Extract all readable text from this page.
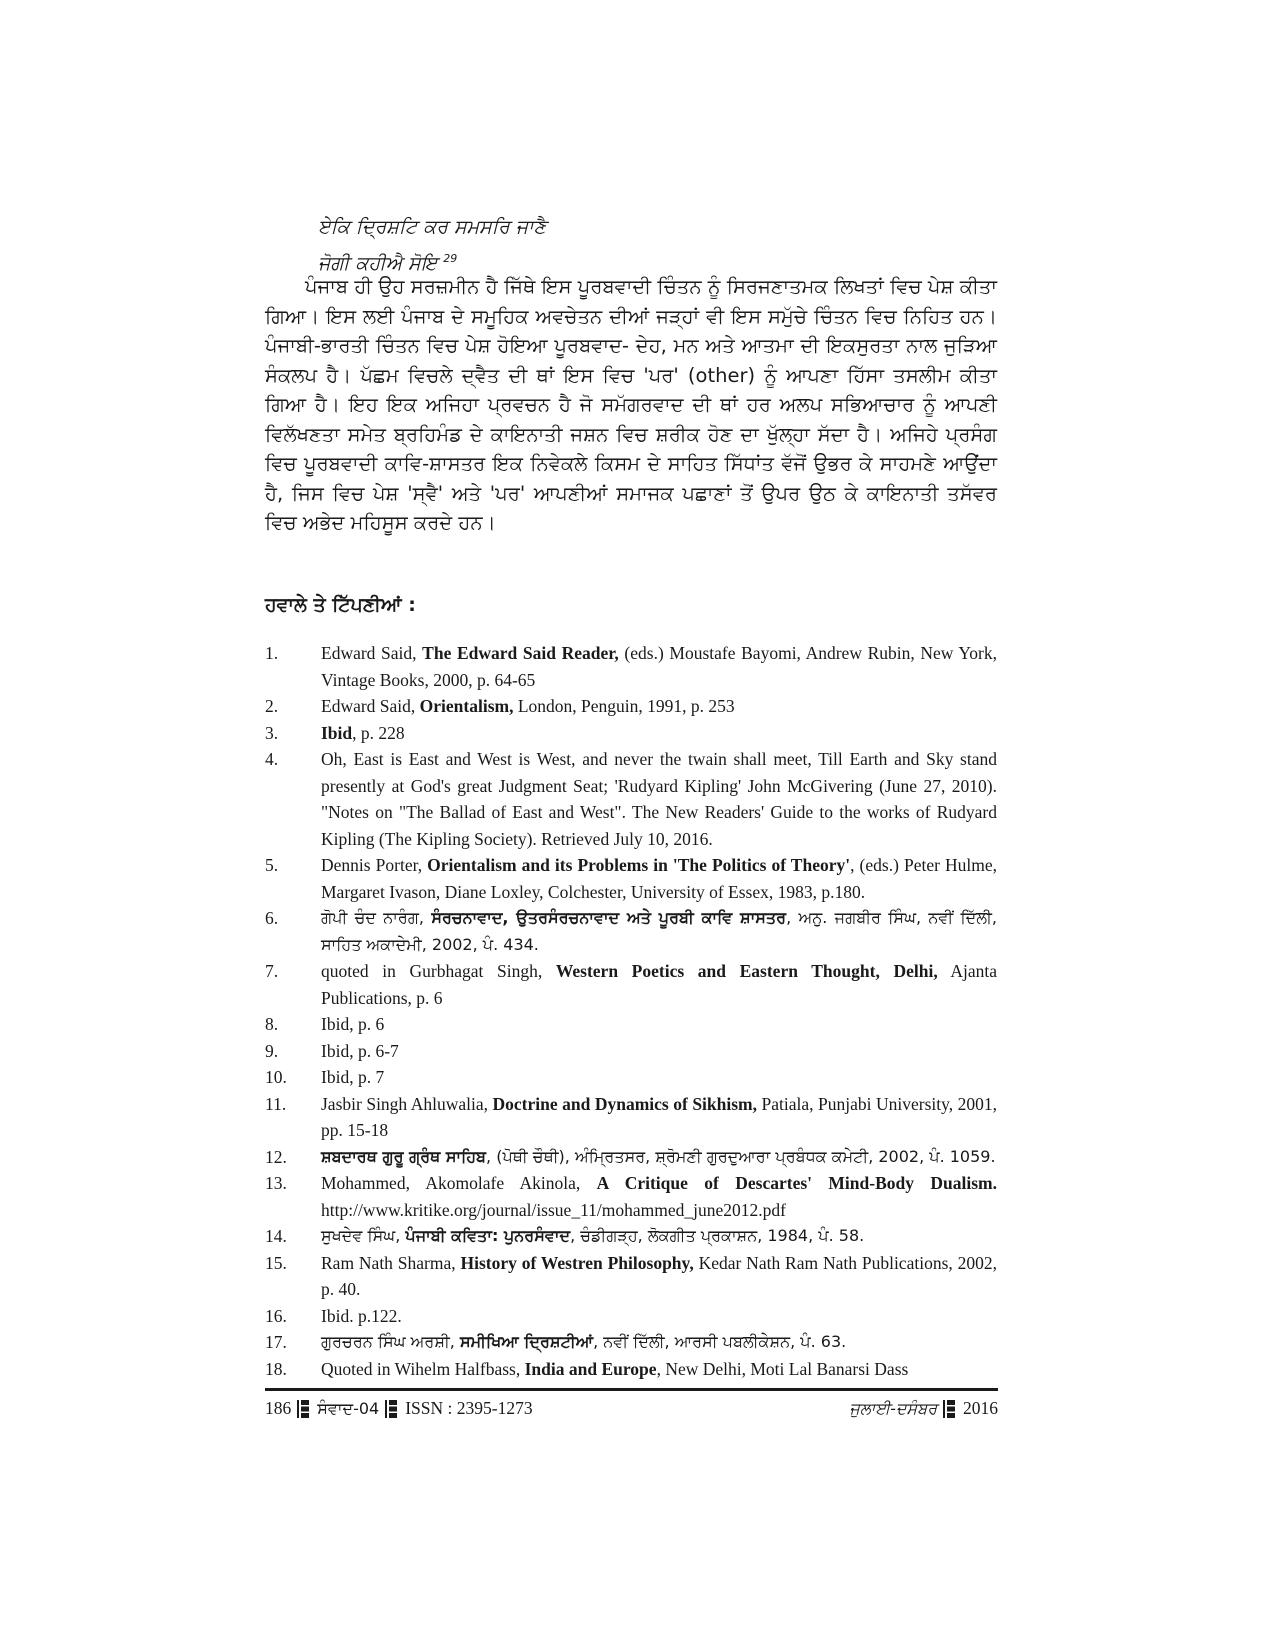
ਏਕਿ ਦ੍ਰਿਸ਼ਟਿ ਕਰ ਸਮਸਰਿ ਜਾਣੈ
ਜੋਗੀ ਕਹੀਐ ਸੋਇ $^{29}$

ਪੰਜਾਬ ਹੀ ਉਹ ਸਰਜ਼ਮੀਨ ਹੈ ਜਿੱਥੇ ਇਸ ਪੂਰਬਵਾਦੀ ਚਿੰਤਨ ਨੂੰ ਸਿਰਜਣਾਤਮਕ ਲਿਖਤਾਂ ਵਿਚ ਪੇਸ਼ ਕੀਤਾ ਗਿਆ। ਇਸ ਲਈ ਪੰਜਾਬ ਦੇ ਸਮੂਹਿਕ ਅਵਚੇਤਨ ਦੀਆਂ ਜੜ੍ਹਾਂ ਵੀ ਇਸ ਸਮੁੱਚੇ ਚਿੰਤਨ ਵਿਚ ਨਿਹਿਤ ਹਨ। ਪੰਜਾਬੀ-ਭਾਰਤੀ ਚਿੰਤਨ ਵਿਚ ਪੇਸ਼ ਹੋਇਆ ਪੂਰਬਵਾਦ- ਦੇਹ, ਮਨ ਅਤੇ ਆਤਮਾ ਦੀ ਇਕਸੁਰਤਾ ਨਾਲ ਜੁੜਿਆ ਸੰਕਲਪ ਹੈ। ਪੱਛਮ ਵਿਚਲੇ ਦ੍ਵੈਤ ਦੀ ਥਾਂ ਇਸ ਵਿਚ 'ਪਰ' (other) ਨੂੰ ਆਪਣਾ ਹਿੱਸਾ ਤਸਲੀਮ ਕੀਤਾ ਗਿਆ ਹੈ। ਇਹ ਇਕ ਅਜਿਹਾ ਪ੍ਰਵਚਨ ਹੈ ਜੋ ਸਮੱਗਰਵਾਦ ਦੀ ਥਾਂ ਹਰ ਅਲਪ ਸਭਿਆਚਾਰ ਨੂੰ ਆਪਣੀ ਵਿਲੱਖਣਤਾ ਸਮੇਤ ਬ੍ਰਹਿਮੰਡ ਦੇ ਕਾਇਨਾਤੀ ਜਸ਼ਨ ਵਿਚ ਸ਼ਰੀਕ ਹੋਣ ਦਾ ਖੁੱਲ੍ਹਾ ਸੱਦਾ ਹੈ। ਅਜਿਹੇ ਪ੍ਰਸੰਗ ਵਿਚ ਪੂਰਬਵਾਦੀ ਕਾਵਿ-ਸ਼ਾਸਤਰ ਇਕ ਨਿਵੇਕਲੇ ਕਿਸਮ ਦੇ ਸਾਹਿਤ ਸਿੱਧਾਂਤ ਵੱਜੋਂ ਉਭਰ ਕੇ ਸਾਹਮਣੇ ਆਉਂਦਾ ਹੈ, ਜਿਸ ਵਿਚ ਪੇਸ਼ 'ਸ੍ਵੈ' ਅਤੇ 'ਪਰ' ਆਪਣੀਆਂ ਸਮਾਜਕ ਪਛਾਣਾਂ ਤੋਂ ਉਪਰ ਉਠ ਕੇ ਕਾਇਨਾਤੀ ਤਸੱਵਰ ਵਿਚ ਅਭੇਦ ਮਹਿਸੂਸ ਕਰਦੇ ਹਨ।

ਹਵਾਲੇ ਤੇ ਟਿੱਪਣੀਆਂ :
1. Edward Said, The Edward Said Reader, (eds.) Moustafe Bayomi, Andrew Rubin, New York, Vintage Books, 2000, p. 64-65
2. Edward Said, Orientalism, London, Penguin, 1991, p. 253
3. Ibid, p. 228
4. Oh, East is East and West is West, and never the twain shall meet, Till Earth and Sky stand presently at God's great Judgment Seat; 'Rudyard Kipling' John McGivering (June 27, 2010). "Notes on "The Ballad of East and West". The New Readers' Guide to the works of Rudyard Kipling (The Kipling Society). Retrieved July 10, 2016.
5. Dennis Porter, Orientalism and its Problems in 'The Politics of Theory', (eds.) Peter Hulme, Margaret Ivason, Diane Loxley, Colchester, University of Essex, 1983, p.180.
6.	ਗੋਪੀ ਚੰਦ ਨਾਰੰਗ, ਸੰਰਚਨਾਵਾਦ, ਉਤਰਸੰਰਚਨਾਵਾਦ ਅਤੇ ਪੂਰਬੀ ਕਾਵਿ ਸ਼ਾਸਤਰ, ਅਨੁ. ਜਗਬੀਰ ਸਿੰਘ, ਨਵੀਂ ਦਿੱਲੀ, ਸਾਹਿਤ ਅਕਾਦੇਮੀ, 2002, ਪੰ. 434.
7. quoted in Gurbhagat Singh, Western Poetics and Eastern Thought, Delhi, Ajanta Publications, p. 6
8. Ibid, p. 6
9. Ibid, p. 6-7
10. Ibid, p. 7
11. Jasbir Singh Ahluwalia, Doctrine and Dynamics of Sikhism, Patiala, Punjabi University, 2001, pp. 15-18
12. ਸ਼ਬਦਾਰਥ ਗੁਰੂ ਗ੍ਰੰਥ ਸਾਹਿਬ, (ਪੋਥੀ ਚੌਥੀ), ਅੰਮ੍ਰਿਤਸਰ, ਸ਼੍ਰੋਮਣੀ ਗੁਰਦੁਆਰਾ ਪ੍ਰਬੰਧਕ ਕਮੇਟੀ, 2002, ਪੰ. 1059.
13. Mohammed, Akomolafe Akinola, A Critique of Descartes' Mind-Body Dualism. http://www.kritike.org/journal/issue_11/mohammed_june2012.pdf
14. ਸੁਖਦੇਵ ਸਿੰਘ, ਪੰਜਾਬੀ ਕਵਿਤਾ: ਪੁਨਰਸੰਵਾਦ, ਚੰਡੀਗੜ੍ਹ, ਲੋਕਗੀਤ ਪ੍ਰਕਾਸ਼ਨ, 1984, ਪੰ. 58.
15. Ram Nath Sharma, History of Westren Philosophy, Kedar Nath Ram Nath Publications, 2002, p. 40.
16. Ibid. p.122.
17. ਗੁਰਚਰਨ ਸਿੰਘ ਅਰਸ਼ੀ, ਸਮੀਖਿਆ ਦ੍ਰਿਸ਼ਟੀਆਂ, ਨਵੀਂ ਦਿੱਲੀ, ਆਰਸੀ ਪਬਲੀਕੇਸ਼ਨ, ਪੰ. 63.
18. Quoted in Wihelm Halfbass, India and Europe, New Delhi, Moti Lal Banarsi Dass
186 ਸੰਵਾਦ-04 ISSN : 2395-1273	ਜੁਲਾਈ-ਦਸੰਬਰ 2016
